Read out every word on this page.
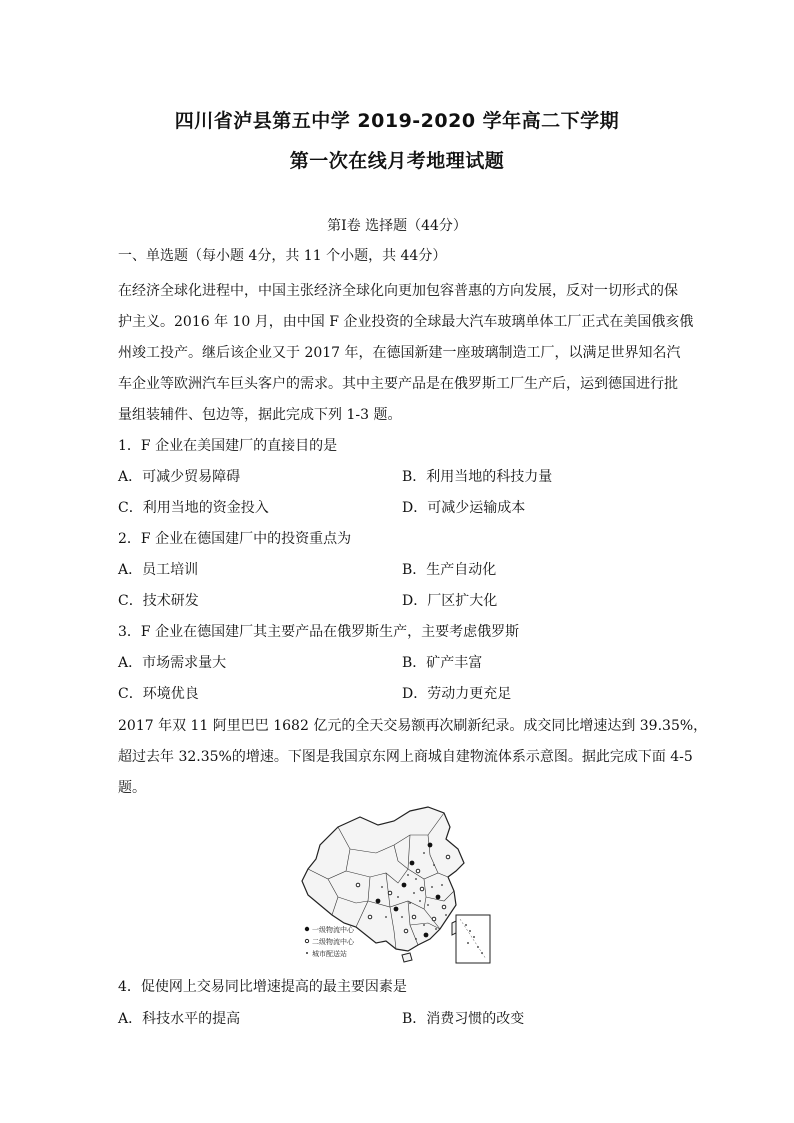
四川省泸县第五中学 2019-2020 学年高二下学期
第一次在线月考地理试题
第Ⅰ卷 选择题（44分）
一、单选题（每小题 4分，共 11 个小题，共 44分）
在经济全球化进程中，中国主张经济全球化向更加包容普惠的方向发展，反对一切形式的保
护主义。2016 年 10 月，由中国 F 企业投资的全球最大汽车玻璃单体工厂正式在美国俄亥俄
州竣工投产。继后该企业又于 2017 年，在德国新建一座玻璃制造工厂，以满足世界知名汽
车企业等欧洲汽车巨头客户的需求。其中主要产品是在俄罗斯工厂生产后，运到德国进行批
量组装辅件、包边等，据此完成下列 1-3 题。
1．F 企业在美国建厂的直接目的是
A．可减少贸易障碍	B．利用当地的科技力量
C．利用当地的资金投入	D．可减少运输成本
2．F 企业在德国建厂中的投资重点为
A．员工培训	B．生产自动化
C．技术研发	D．厂区扩大化
3．F 企业在德国建厂其主要产品在俄罗斯生产，主要考虑俄罗斯
A．市场需求量大	B．矿产丰富
C．环境优良	D．劳动力更充足
2017 年双 11 阿里巴巴 1682 亿元的全天交易额再次刷新纪录。成交同比增速达到 39.35%，
超过去年 32.35%的增速。下图是我国京东网上商城自建物流体系示意图。据此完成下面 4-5
题。
一级物流中心
二级物流中心
城市配送站
4．促使网上交易同比增速提高的最主要因素是
A．科技水平的提高	B．消费习惯的改变
